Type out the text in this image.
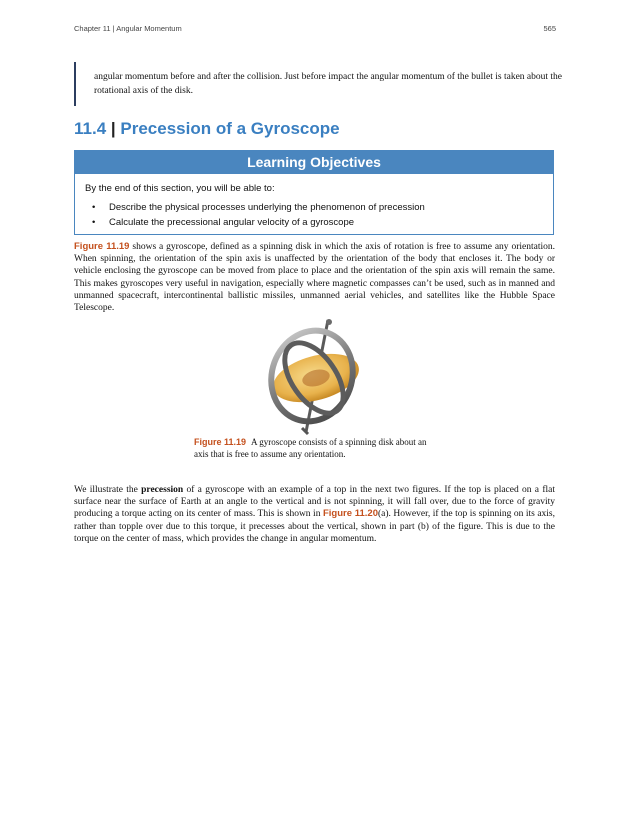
Chapter 11 | Angular Momentum	565
angular momentum before and after the collision. Just before impact the angular momentum of the bullet is taken about the rotational axis of the disk.
11.4 | Precession of a Gyroscope
Learning Objectives
By the end of this section, you will be able to:
• Describe the physical processes underlying the phenomenon of precession
• Calculate the precessional angular velocity of a gyroscope

Figure 11.19 shows a gyroscope, defined as a spinning disk in which the axis of rotation is free to assume any orientation. When spinning, the orientation of the spin axis is unaffected by the orientation of the body that encloses it. The body or vehicle enclosing the gyroscope can be moved from place to place and the orientation of the spin axis will remain the same. This makes gyroscopes very useful in navigation, especially where magnetic compasses can’t be used, such as in manned and unmanned spacecraft, intercontinental ballistic missiles, unmanned aerial vehicles, and satellites like the Hubble Space Telescope.

Figure 11.19 A gyroscope consists of a spinning disk about an axis that is free to assume any orientation.

We illustrate the precession of a gyroscope with an example of a top in the next two figures. If the top is placed on a flat surface near the surface of Earth at an angle to the vertical and is not spinning, it will fall over, due to the force of gravity producing a torque acting on its center of mass. This is shown in Figure 11.20(a). However, if the top is spinning on its axis, rather than topple over due to this torque, it precesses about the vertical, shown in part (b) of the figure. This is due to the torque on the center of mass, which provides the change in angular momentum.
